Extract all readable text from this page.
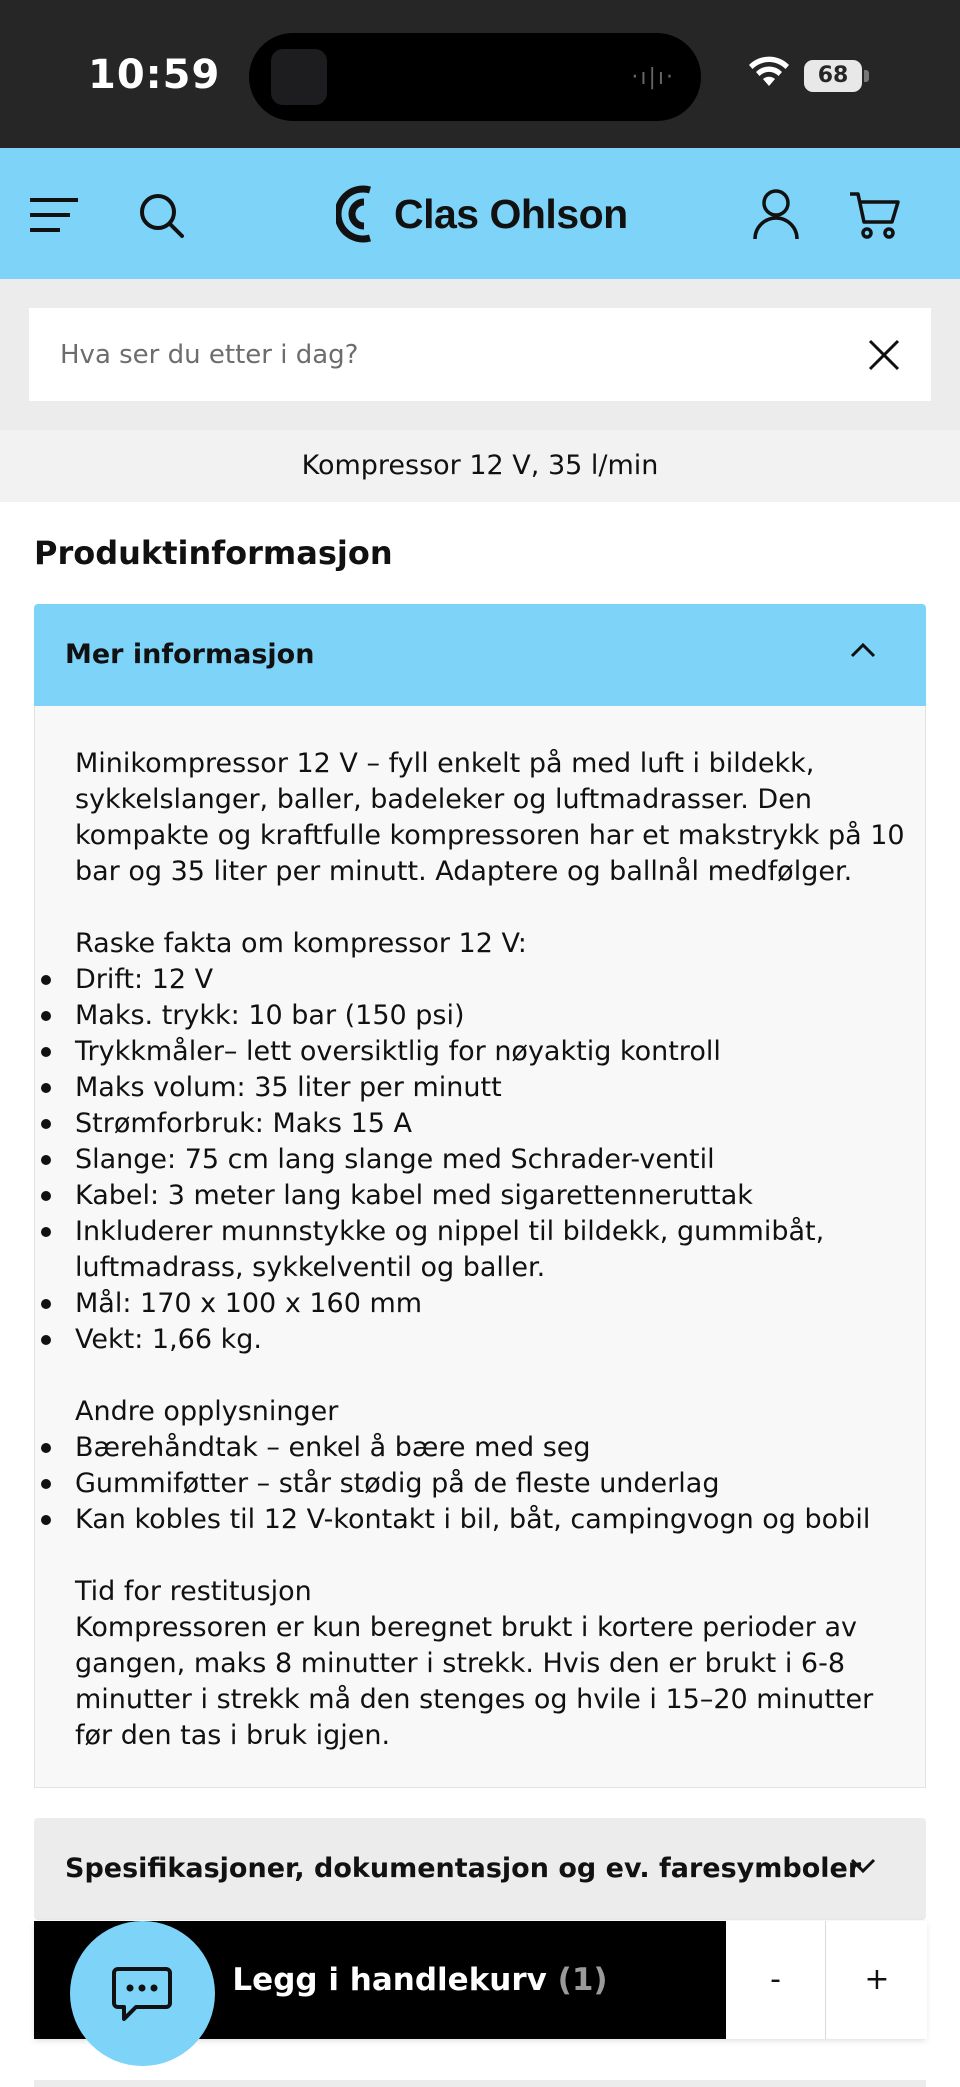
10:59	·ı|ı·	68
Clas Ohlson
Hva ser du etter i dag?
Kompressor 12 V, 35 l/min
Produktinformasjon
Mer informasjon

Minikompressor 12 V – fyll enkelt på med luft i bildekk, sykkelslanger, baller, badeleker og luftmadrasser. Den kompakte og kraftfulle kompressoren har et makstrykk på 10 bar og 35 liter per minutt. Adaptere og ballnål medfølger.

Raske fakta om kompressor 12 V:

Drift: 12 V
Maks. trykk: 10 bar (150 psi)
Trykkmåler– lett oversiktlig for nøyaktig kontroll
Maks volum: 35 liter per minutt
Strømforbruk: Maks 15 A
Slange: 75 cm lang slange med Schrader-ventil
Kabel: 3 meter lang kabel med sigarettenneruttak
Inkluderer munnstykke og nippel til bildekk, gummibåt, luftmadrass, sykkelventil og baller.
Mål: 170 x 100 x 160 mm
Vekt: 1,66 kg.

Andre opplysninger

Bærehåndtak – enkel å bære med seg
Gummiføtter – står stødig på de fleste underlag
Kan kobles til 12 V-kontakt i bil, båt, campingvogn og bobil

Tid for restitusjon

Kompressoren er kun beregnet brukt i kortere perioder av gangen, maks 8 minutter i strekk. Hvis den er brukt i 6-8 minutter i strekk må den stenges og hvile i 15–20 minutter før den tas i bruk igjen.

Spesifikasjoner, dokumentasjon og ev. faresymboler
Legg i handlekurv (1)	-	+
